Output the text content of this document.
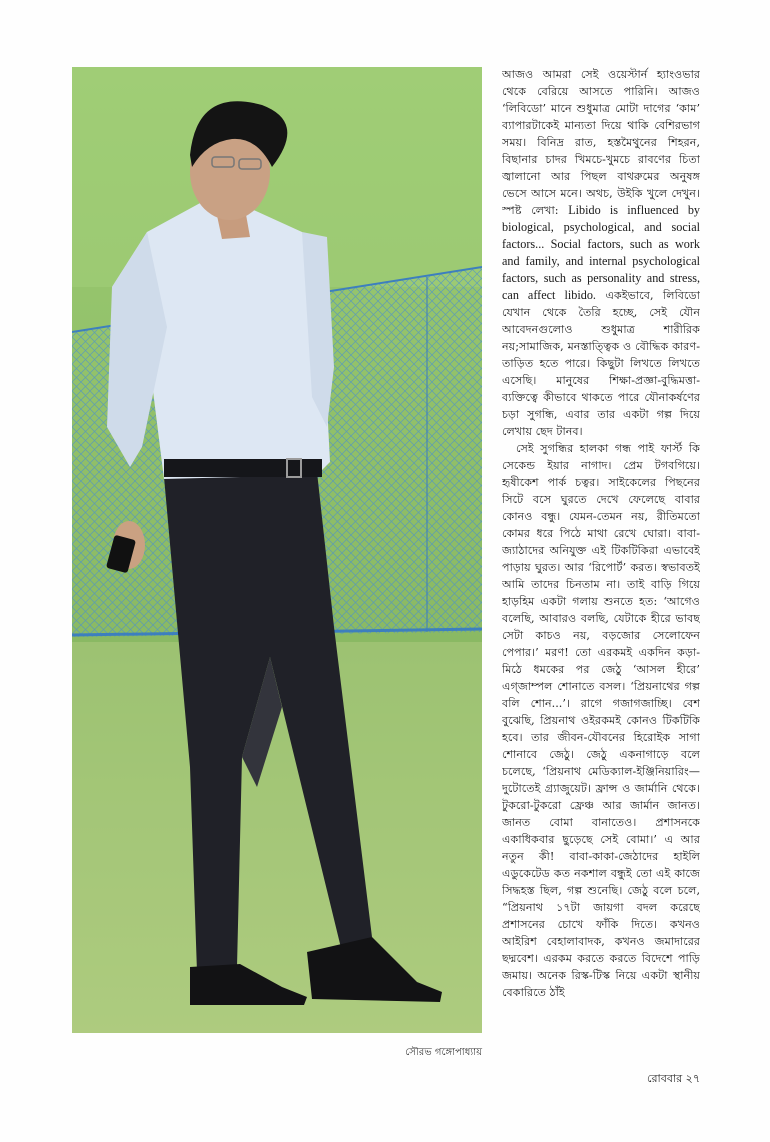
সৌরভ গঙ্গোপাধ্যায়

আজও আমরা সেই ওয়েস্টার্ন হ্যাংওভার থেকে বেরিয়ে আসতে পারিনি। আজও ‘লিবিডো’ মানে শুধুমাত্র মোটা দাগের ‘কাম’ ব্যাপারটাকেই মান্যতা দিয়ে থাকি বেশিরভাগ সময়। বিনিদ্র রাত, হস্তমৈথুনের শিহরন, বিছানার চাদর খিমচে-খুমচে রাবণের চিতা জ্বালানো আর পিছল বাথরুমের অনুষঙ্গ ভেসে আসে মনে। অথচ, উইকি খুলে দেখুন। স্পষ্ট লেখা: Libido is influenced by biological, psychological, and social factors... Social factors, such as work and family, and internal psychological factors, such as personality and stress, can affect libido. একইভাবে, লিবিডো যেখান থেকে তৈরি হচ্ছে, সেই যৌন আবেদনগুলোও শুধুমাত্র শারীরিক নয়;সামাজিক, মনস্তাত্ত্বিক ও বৌদ্ধিক কারণ-তাড়িত হতে পারে। কিছুটা লিখতে লিখতে এসেছি। মানুষের শিক্ষা-প্রজ্ঞা-বুদ্ধিমত্তা-ব্যক্তিত্বে কীভাবে থাকতে পারে যৌনাকর্ষণের চড়া সুগন্ধি, এবার তার একটা গল্প দিয়ে লেখায় ছেদ টানব।

সেই সুগন্ধির হালকা গন্ধ পাই ফার্স্ট কি সেকেন্ড ইয়ার নাগাদ। প্রেম টগবগিয়ে। হৃষীকেশ পার্ক চত্বর। সাইকেলের পিছনের সিটে বসে ঘুরতে দেখে ফেলেছে বাবার কোনও বন্ধু। যেমন-তেমন নয়, রীতিমতো কোমর ধরে পিঠে মাথা রেখে ঘোরা। বাবা-জ্যাঠাদের অনিযুক্ত এই টিকটিকিরা এভাবেই পাড়ায় ঘুরত। আর ‘রিপোর্ট’ করত। স্বভাবতই আমি তাদের চিনতাম না। তাই বাড়ি গিয়ে হাড়হিম একটা গলায় শুনতে হত: ‘আগেও বলেছি, আবারও বলছি, যেটাকে হীরে ভাবছ সেটা কাচও নয়, বড়জোর সেলোফেন পেপার।’ মরণ! তো এরকমই একদিন কড়া-মিঠে ধমকের পর জেঠু ‘আসল হীরে’ এগ্‌জাম্পল শোনাতে বসল। ‘প্রিয়নাথের গল্প বলি শোন...’। রাগে গজাগজাচ্ছি। বেশ বুঝেছি, প্রিয়নাথ ওইরকমই কোনও টিকটিকি হবে। তার জীবন-যৌবনের হিরোইক সাগা শোনাবে জেঠু। জেঠু একনাগাড়ে বলে চলেছে, ‘প্রিয়নাথ মেডিক্যাল-ইঞ্জিনিয়ারিং— দুটোতেই গ্র্যাজুয়েট। ফ্রান্স ও জার্মানি থেকে। টুকরো-টুকরো ফ্রেঞ্চ আর জার্মান জানত। জানত বোমা বানাতেও। প্রশাসনকে একাধিকবার ছুড়েছে সেই বোমা।’ এ আর নতুন কী! বাবা-কাকা-জেঠাদের হাইলি এডুকেটেড কত নকশাল বন্ধুই তো এই কাজে সিদ্ধহস্ত ছিল, গল্প শুনেছি। জেঠু বলে চলে, “প্রিয়নাথ ১৭টা জায়গা বদল করেছে প্রশাসনের চোখে ফাঁকি দিতে। কখনও আইরিশ বেহালাবাদক, কখনও জমাদারের ছদ্মবেশ। এরকম করতে করতে বিদেশে পাড়ি জমায়। অনেক রিস্ক-টিস্ক নিয়ে একটা স্থানীয় বেকারিতে ঠাঁই

রোববার ২৭
